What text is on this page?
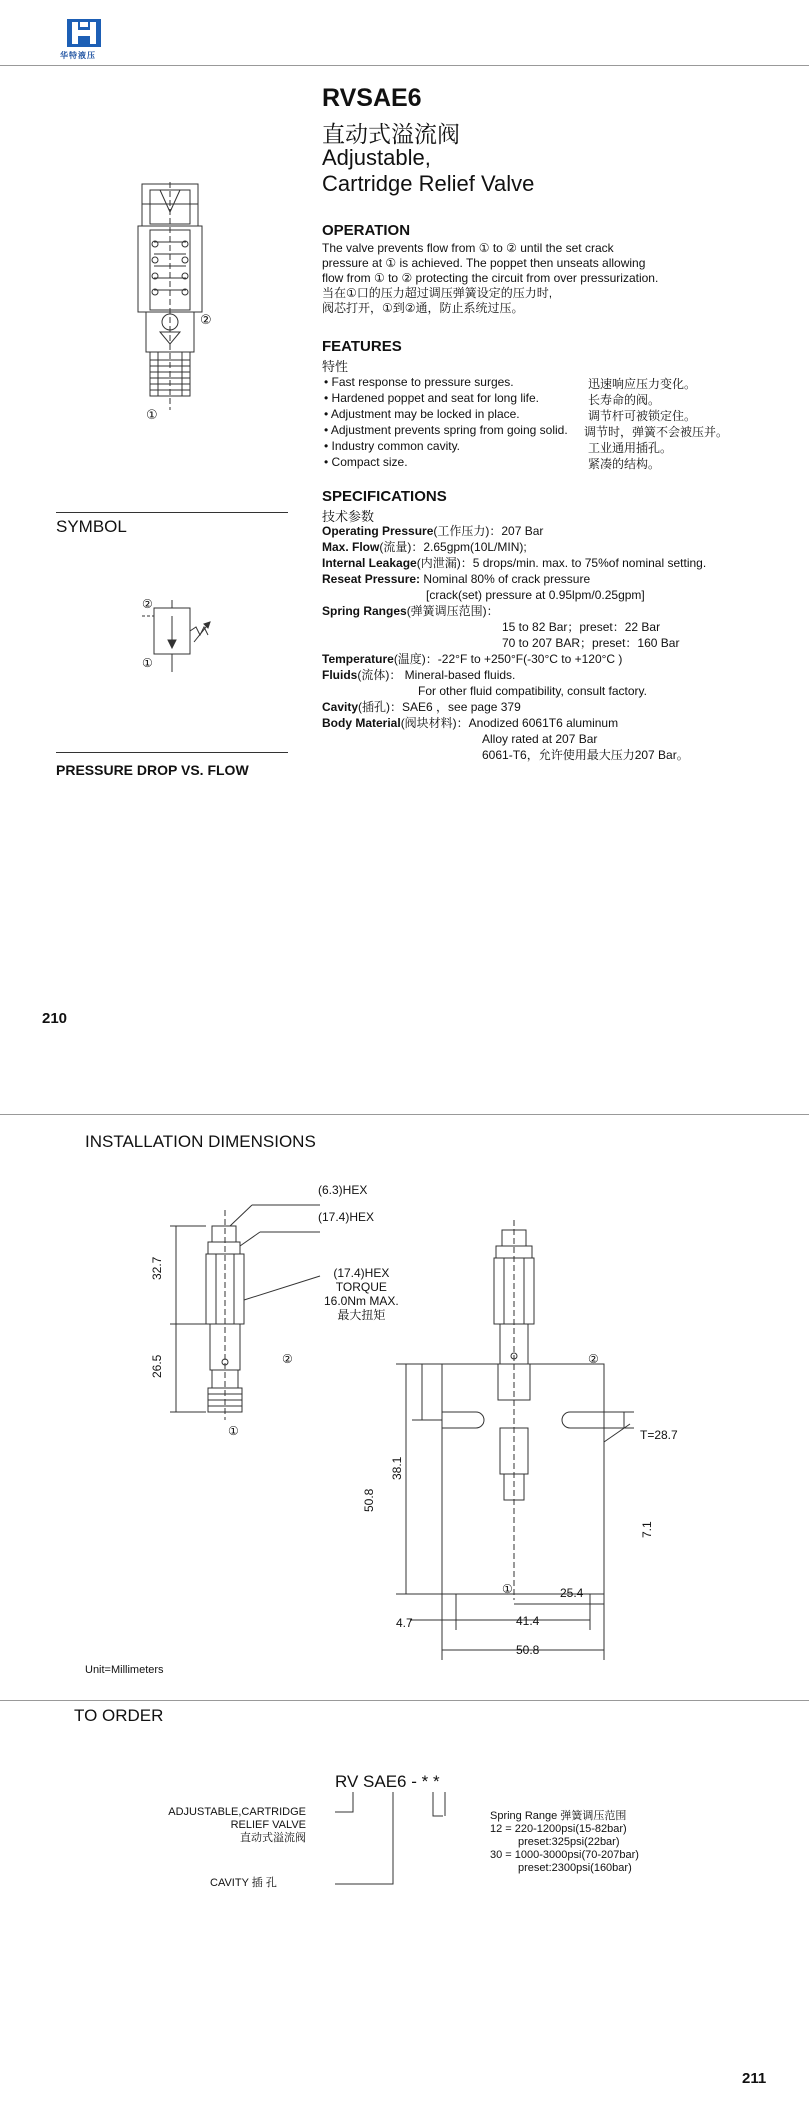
华特液压
RVSAE6
直动式溢流阀
Adjustable,
Cartridge Relief Valve
②
①
OPERATION
The valve prevents flow from ① to ② until the set crack
pressure at ① is achieved. The poppet then unseats allowing
flow from ① to ② protecting the circuit from over pressurization.
当在①口的压力超过调压弹簧设定的压力时,
阀芯打开，①到②通，防止系统过压。
FEATURES
特性
• Fast response to pressure surges.	迅速响应压力变化。
• Hardened poppet and seat for long life.	长寿命的阀。
• Adjustment may be locked in place.	调节杆可被锁定住。
• Adjustment prevents spring from going solid. 调节时，弹簧不会被压并。
• Industry common cavity.	工业通用插孔。
• Compact size.	紧凑的结构。
SPECIFICATIONS
技术参数
Operating Pressure(工作压力)：207 Bar
Max. Flow(流量)：2.65gpm(10L/MIN);
Internal Leakage(内泄漏)：5 drops/min. max. to 75%of nominal setting.
Reseat Pressure: Nominal 80% of crack pressure
[crack(set) pressure at 0.95lpm/0.25gpm]
Spring Ranges(弹簧调压范围)：
15 to 82 Bar；preset：22 Bar
70 to 207 BAR；preset：160 Bar
Temperature(温度)：-22°F to +250°F(-30°C to +120°C )
Fluids(流体)： Mineral-based fluids.
For other fluid compatibility, consult factory.
Cavity(插孔)：SAE6 ，see page 379
Body Material(阀块材料)：Anodized 6061T6 aluminum
Alloy rated at 207 Bar
6061-T6，允许使用最大压力207 Bar。
SYMBOL
②
①
PRESSURE DROP VS. FLOW
210
INSTALLATION DIMENSIONS
(6.3)HEX
(17.4)HEX
(17.4)HEX
TORQUE
16.0Nm MAX.
最大扭矩
32.7
26.5	②
①
②
①
T=28.7
38.1
50.8
7.1
25.4
4.7	41.4
50.8
Unit=Millimeters
TO ORDER
RV SAE6 - * *
ADJUSTABLE,CARTRIDGE
RELIEF VALVE
直动式溢流阀
CAVITY 插 孔
Spring Range 弹簧调压范围
12 = 220-1200psi(15-82bar)
preset:325psi(22bar)
30 = 1000-3000psi(70-207bar)
preset:2300psi(160bar)
211
